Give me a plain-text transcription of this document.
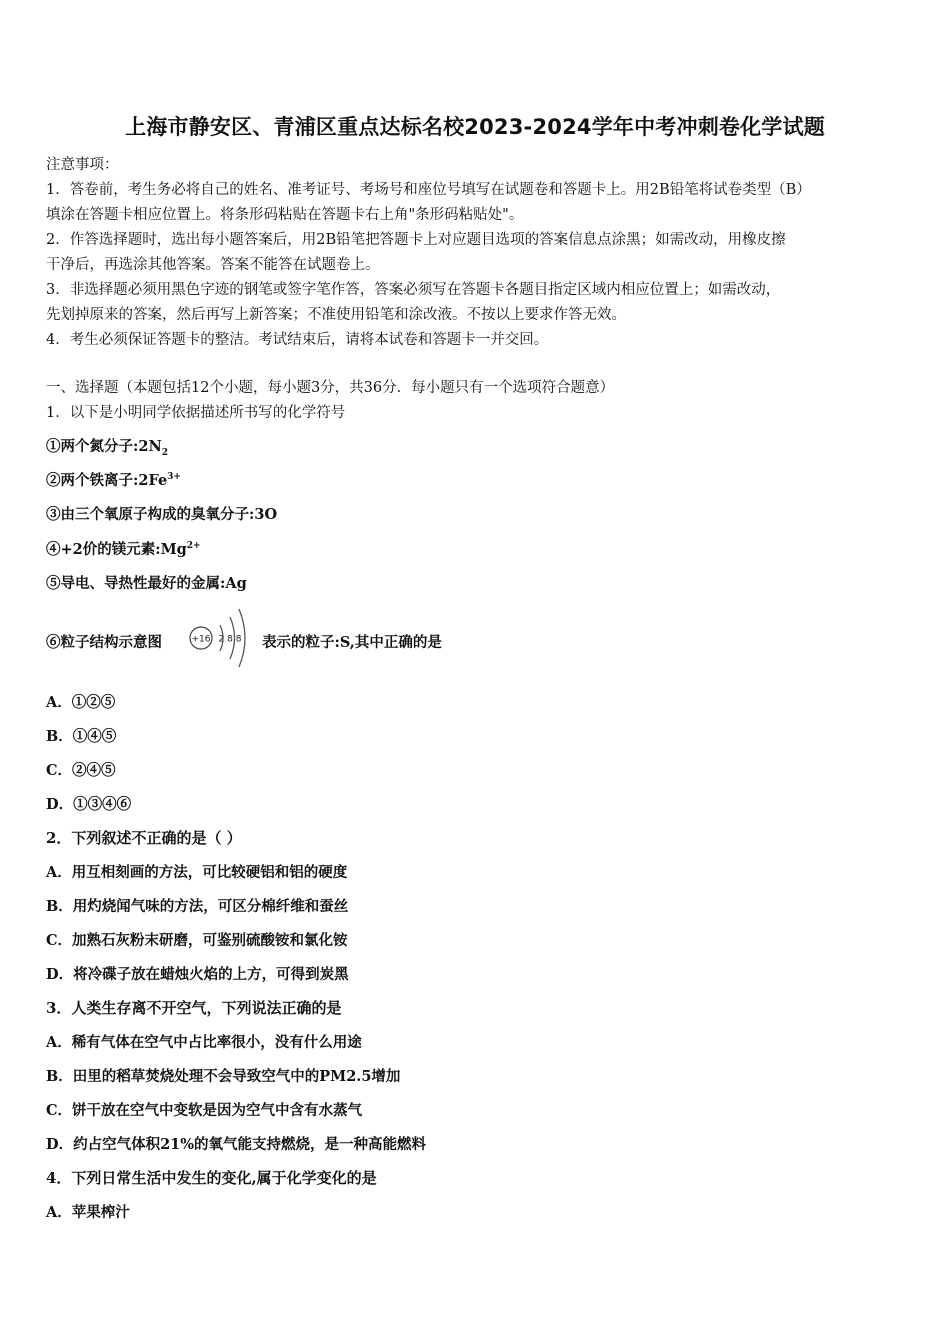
上海市静安区、青浦区重点达标名校2023-2024学年中考冲刺卷化学试题
注意事项：
1．答卷前，考生务必将自己的姓名、准考证号、考场号和座位号填写在试题卷和答题卡上。用2B铅笔将试卷类型（B）
填涂在答题卡相应位置上。将条形码粘贴在答题卡右上角"条形码粘贴处"。
2．作答选择题时，选出每小题答案后，用2B铅笔把答题卡上对应题目选项的答案信息点涂黑；如需改动，用橡皮擦
干净后，再选涂其他答案。答案不能答在试题卷上。
3．非选择题必须用黑色字迹的钢笔或签字笔作答，答案必须写在答题卡各题目指定区域内相应位置上；如需改动，
先划掉原来的答案，然后再写上新答案；不准使用铅笔和涂改液。不按以上要求作答无效。
4．考生必须保证答题卡的整洁。考试结束后，请将本试卷和答题卡一并交回。
一、选择题（本题包括12个小题，每小题3分，共36分．每小题只有一个选项符合题意）
1．以下是小明同学依据描述所书写的化学符号
①两个氮分子$:2N_2$
②两个铁离子$:2Fe^{3+}$
③由三个氧原子构成的臭氧分子:3O
④+2价的镁元素$:Mg^{2+}$
⑤导电、导热性最好的金属:Ag
⑥粒子结构示意图	+16 2 8 8 表示的粒子:S,其中正确的是
A．①②⑤
B．①④⑤
C．②④⑤
D．①③④⑥
2．下列叙述不正确的是（ ）
A．用互相刻画的方法，可比较硬铝和铝的硬度
B．用灼烧闻气味的方法，可区分棉纤维和蚕丝
C．加熟石灰粉末研磨，可鉴别硫酸铵和氯化铵
D．将冷碟子放在蜡烛火焰的上方，可得到炭黑
3．人类生存离不开空气，下列说法正确的是
A．稀有气体在空气中占比率很小，没有什么用途
B．田里的稻草焚烧处理不会导致空气中的PM2.5增加
C．饼干放在空气中变软是因为空气中含有水蒸气
D．约占空气体积21%的氧气能支持燃烧，是一种高能燃料
4．下列日常生活中发生的变化,属于化学变化的是
A．苹果榨汁
